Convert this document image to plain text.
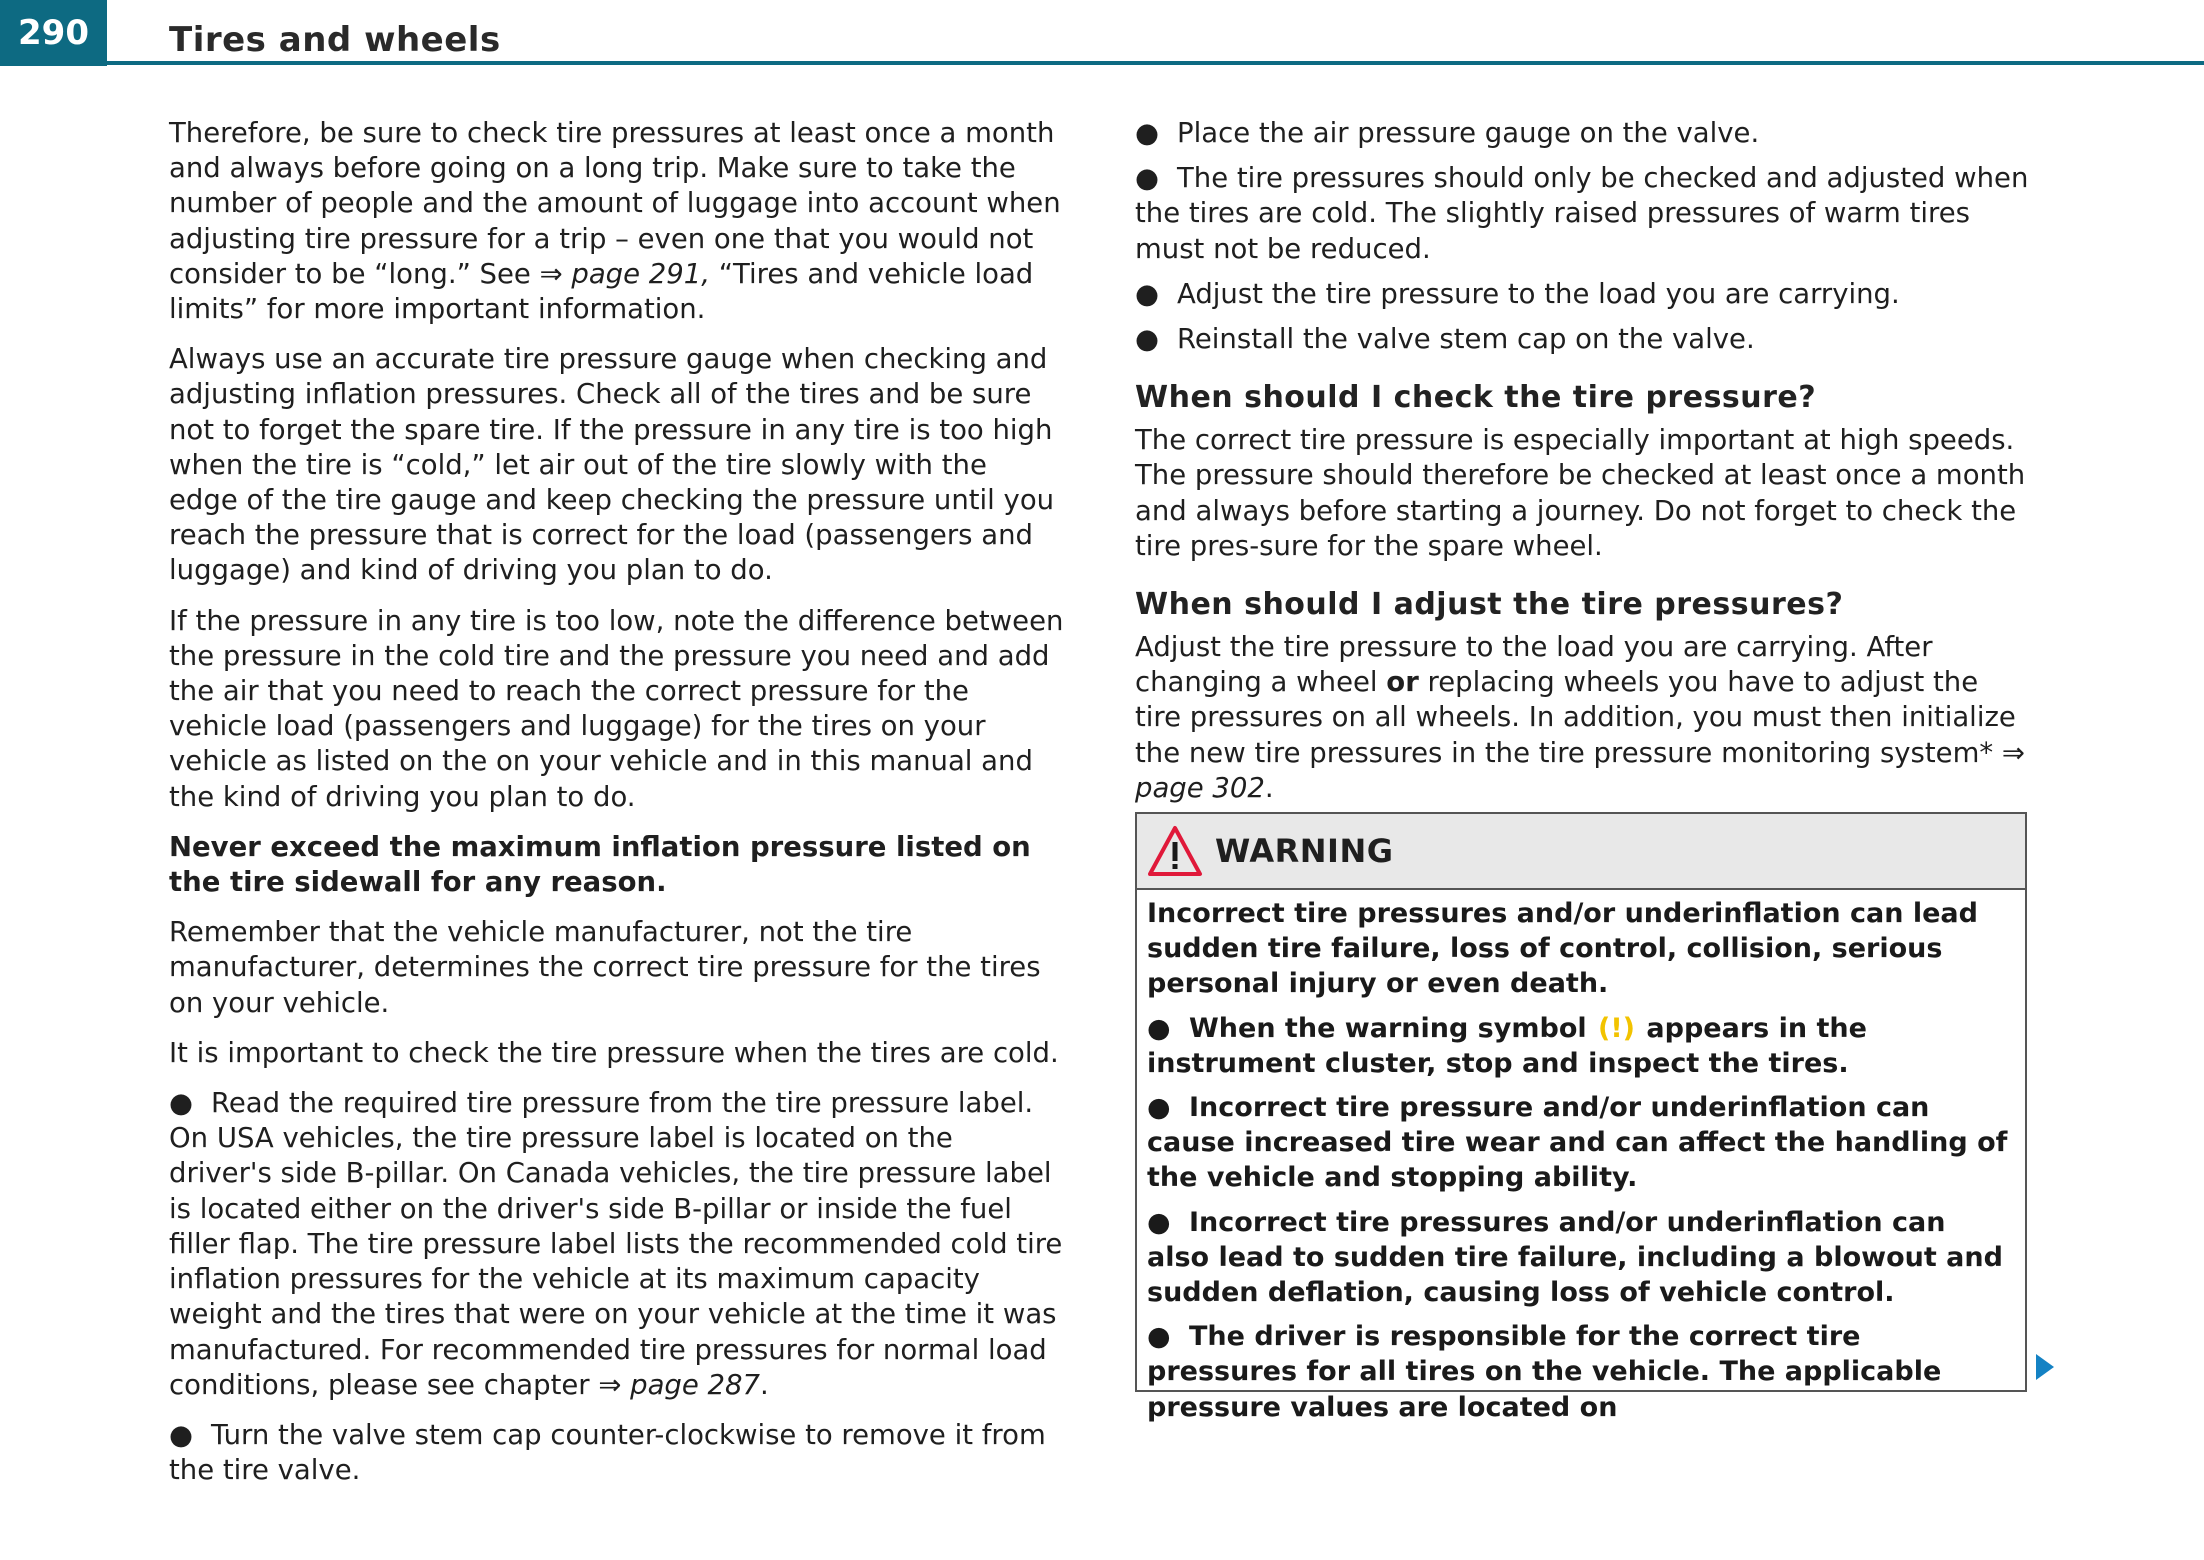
290	Tires and wheels

Therefore, be sure to check tire pressures at least once a month and always before going on a long trip. Make sure to take the number of people and the amount of luggage into account when adjusting tire pressure for a trip – even one that you would not consider to be “long.” See ⇒ page 291, “Tires and vehicle load limits” for more important information.

Always use an accurate tire pressure gauge when checking and adjusting inflation pressures. Check all of the tires and be sure not to forget the spare tire. If the pressure in any tire is too high when the tire is “cold,” let air out of the tire slowly with the edge of the tire gauge and keep checking the pressure until you reach the pressure that is correct for the load (passengers and luggage) and kind of driving you plan to do.

If the pressure in any tire is too low, note the difference between the pressure in the cold tire and the pressure you need and add the air that you need to reach the correct pressure for the vehicle load (passengers and luggage) for the tires on your vehicle as listed on the on your vehicle and in this manual and the kind of driving you plan to do.

Never exceed the maximum inflation pressure listed on the tire sidewall for any reason.

Remember that the vehicle manufacturer, not the tire manufacturer, determines the correct tire pressure for the tires on your vehicle.

It is important to check the tire pressure when the tires are cold.

● Read the required tire pressure from the tire pressure label. On USA vehicles, the tire pressure label is located on the driver's side B-pillar. On Canada vehicles, the tire pressure label is located either on the driver's side B-pillar or inside the fuel filler flap. The tire pressure label lists the recommended cold tire inflation pressures for the vehicle at its maximum capacity weight and the tires that were on your vehicle at the time it was manufactured. For recommended tire pressures for normal load conditions, please see chapter ⇒ page 287.
● Turn the valve stem cap counter-clockwise to remove it from the tire valve.
● Place the air pressure gauge on the valve.
● The tire pressures should only be checked and adjusted when the tires are cold. The slightly raised pressures of warm tires must not be reduced.
● Adjust the tire pressure to the load you are carrying.
● Reinstall the valve stem cap on the valve.
When should I check the tire pressure?

The correct tire pressure is especially important at high speeds. The pressure should therefore be checked at least once a month and always before starting a journey. Do not forget to check the tire pres-sure for the spare wheel.

When should I adjust the tire pressures?

Adjust the tire pressure to the load you are carrying. After changing a wheel or replacing wheels you have to adjust the tire pressures on all wheels. In addition, you must then initialize the new tire pressures in the tire pressure monitoring system* ⇒ page 302.

WARNING

Incorrect tire pressures and/or underinflation can lead sudden tire failure, loss of control, collision, serious personal injury or even death.

● When the warning symbol (!) appears in the instrument cluster, stop and inspect the tires.

● Incorrect tire pressure and/or underinflation can cause increased tire wear and can affect the handling of the vehicle and stopping ability.

● Incorrect tire pressures and/or underinflation can also lead to sudden tire failure, including a blowout and sudden deflation, causing loss of vehicle control.

● The driver is responsible for the correct tire pressures for all tires on the vehicle. The applicable pressure values are located on
